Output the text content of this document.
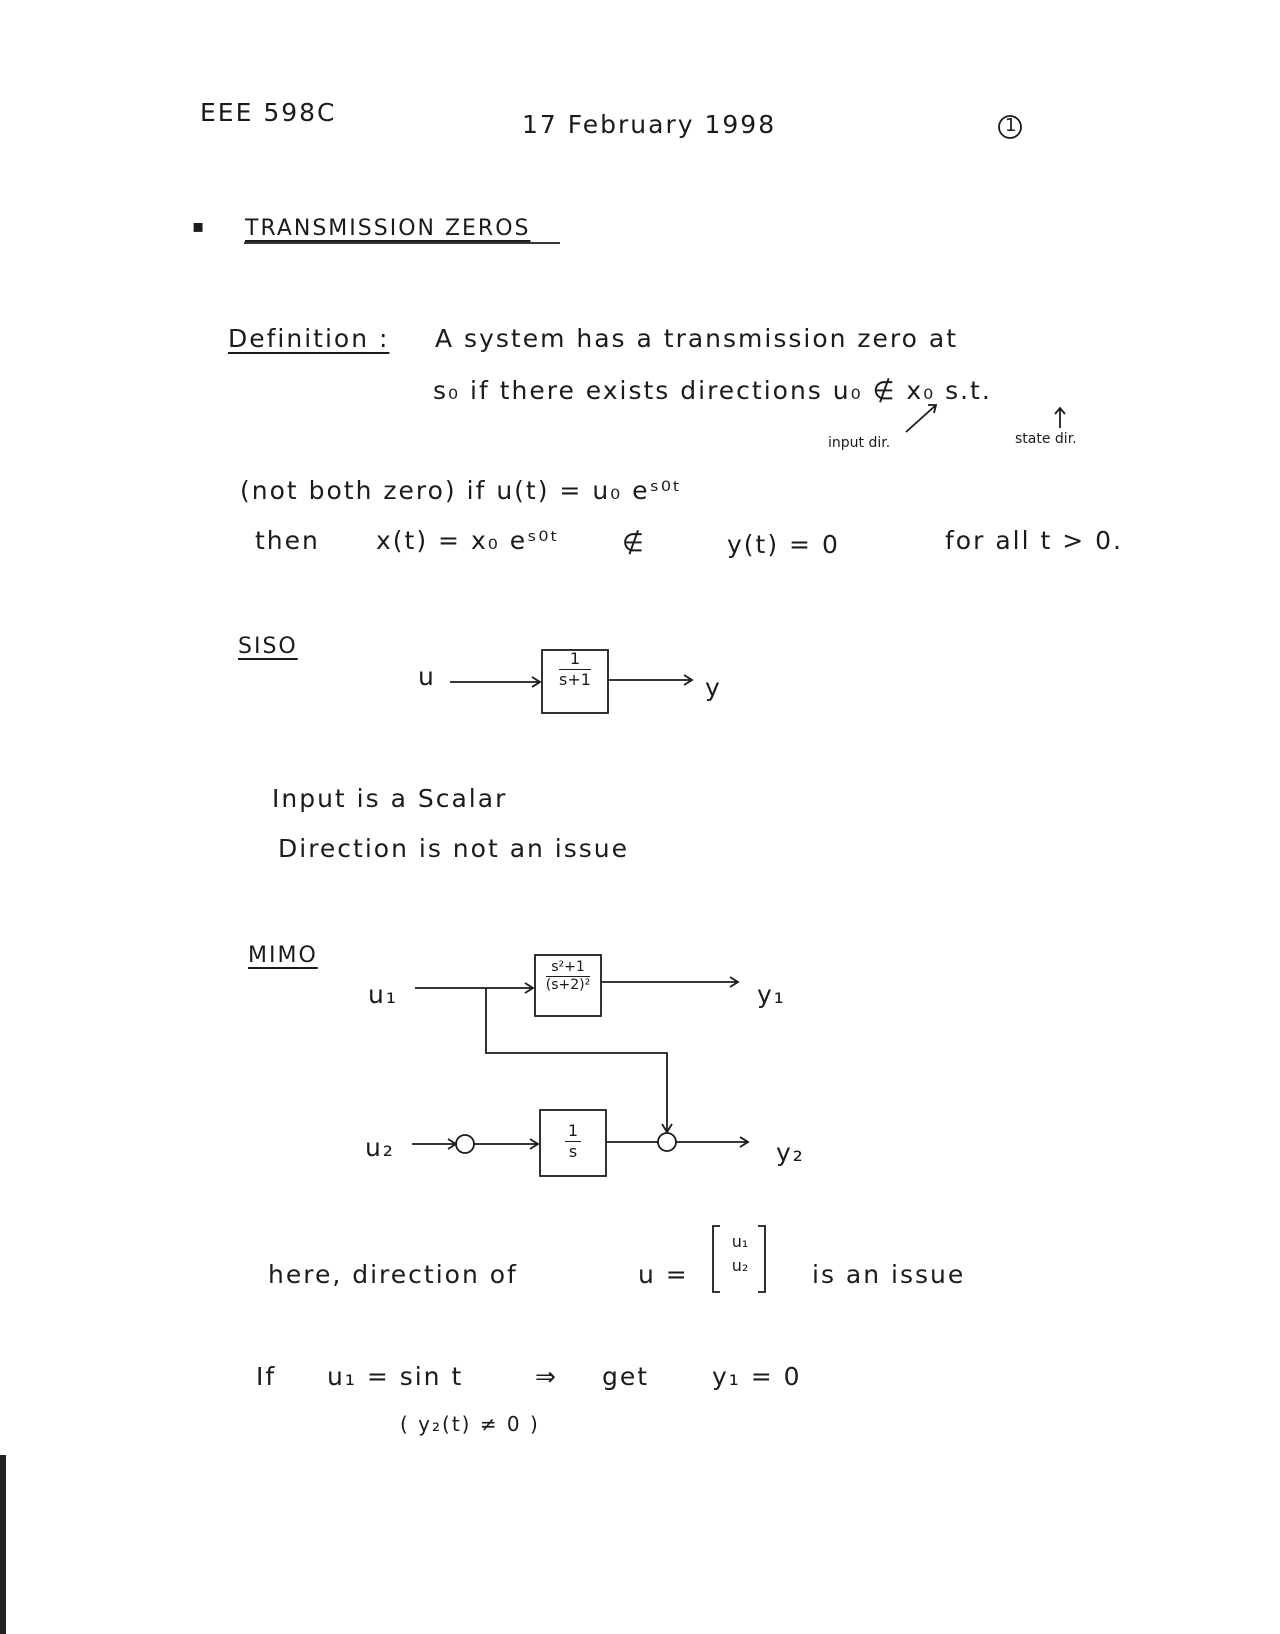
EEE 598C	17 February 1998	1
▪ TRANSMISSION ZEROS
Definition : A system has a transmission zero at
s₀ if there exists directions u₀ ∉ x₀ s.t.
input dir.	state dir.
(not both zero) if u(t) = u₀ eˢ⁰ᵗ
then x(t) = x₀ eˢ⁰ᵗ ∉	y(t) = 0	for all t > 0.
SISO
u	y
$\frac{1}{s+1}$
Input is a Scalar
Direction is not an issue
MIMO
u₁
u₂
y₁
y₂
$\frac{\text{s²+1}}{\text{(s+2)²}}$
$\frac{1}{s}$
here, direction of	u =
u₁
u₂	is an issue
If u₁ = sin t	⇒ get	y₁ = 0
( y₂(t) ≠ 0 )
